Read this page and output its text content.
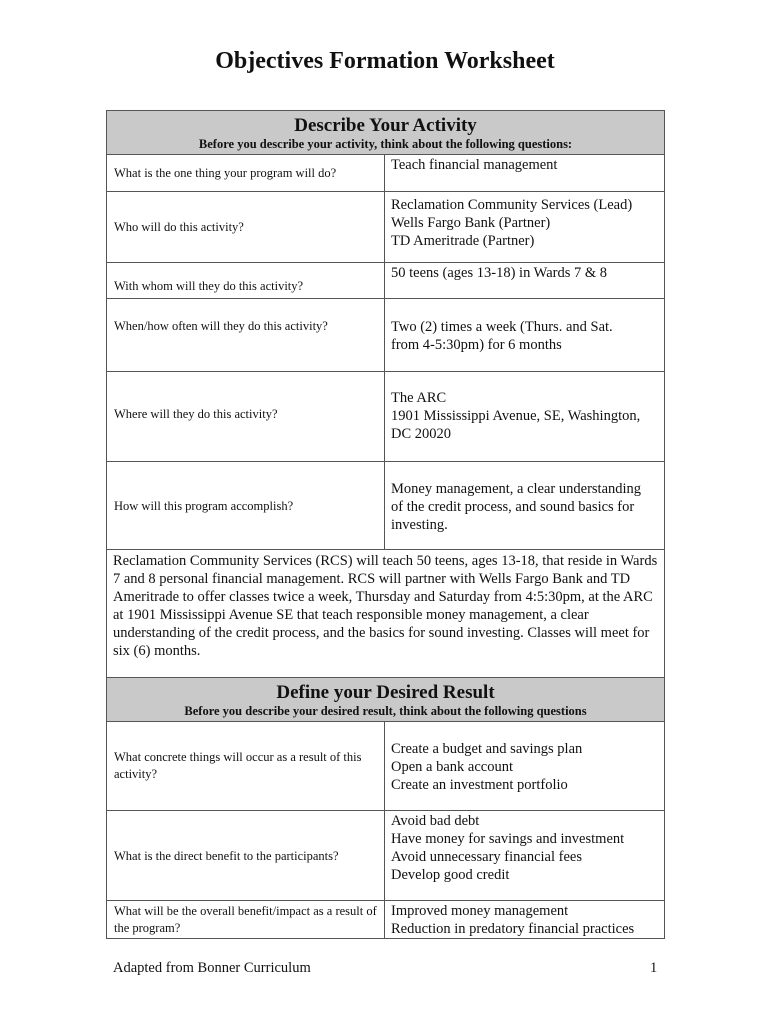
Objectives Formation Worksheet
Describe Your Activity
Before you describe your activity, think about the following questions:	

What is the one thing your program will do?	Teach financial management

Who will do this activity?	Reclamation Community Services (Lead)
Wells Fargo Bank (Partner)
TD Ameritrade (Partner)

With whom will they do this activity?	50 teens (ages 13-18) in Wards 7 & 8

When/how often will they do this activity?	Two (2) times a week (Thurs. and Sat.
from 4-5:30pm) for 6 months

Where will they do this activity?	The ARC
1901 Mississippi Avenue, SE, Washington,
DC 20020

How will this program accomplish?	Money management, a clear understanding
of the credit process, and sound basics for
investing.

Reclamation Community Services (RCS) will teach 50 teens, ages 13-18, that reside in Wards 7 and 8 personal financial management. RCS will partner with Wells Fargo Bank and TD Ameritrade to offer classes twice a week, Thursday and Saturday from 4:5:30pm, at the ARC at 1901 Mississippi Avenue SE that teach responsible money management, a clear understanding of the credit process, and the basics for sound investing. Classes will meet for six (6) months.	

Define your Desired Result
Before you describe your desired result, think about the following questions	

What concrete things will occur as a result of this activity?	Create a budget and savings plan
Open a bank account
Create an investment portfolio

What is the direct benefit to the participants?	Avoid bad debt
Have money for savings and investment
Avoid unnecessary financial fees
Develop good credit

What will be the overall benefit/impact as a result of the program?	Improved money management
Reduction in predatory financial practices
Adapted from Bonner Curriculum	1
